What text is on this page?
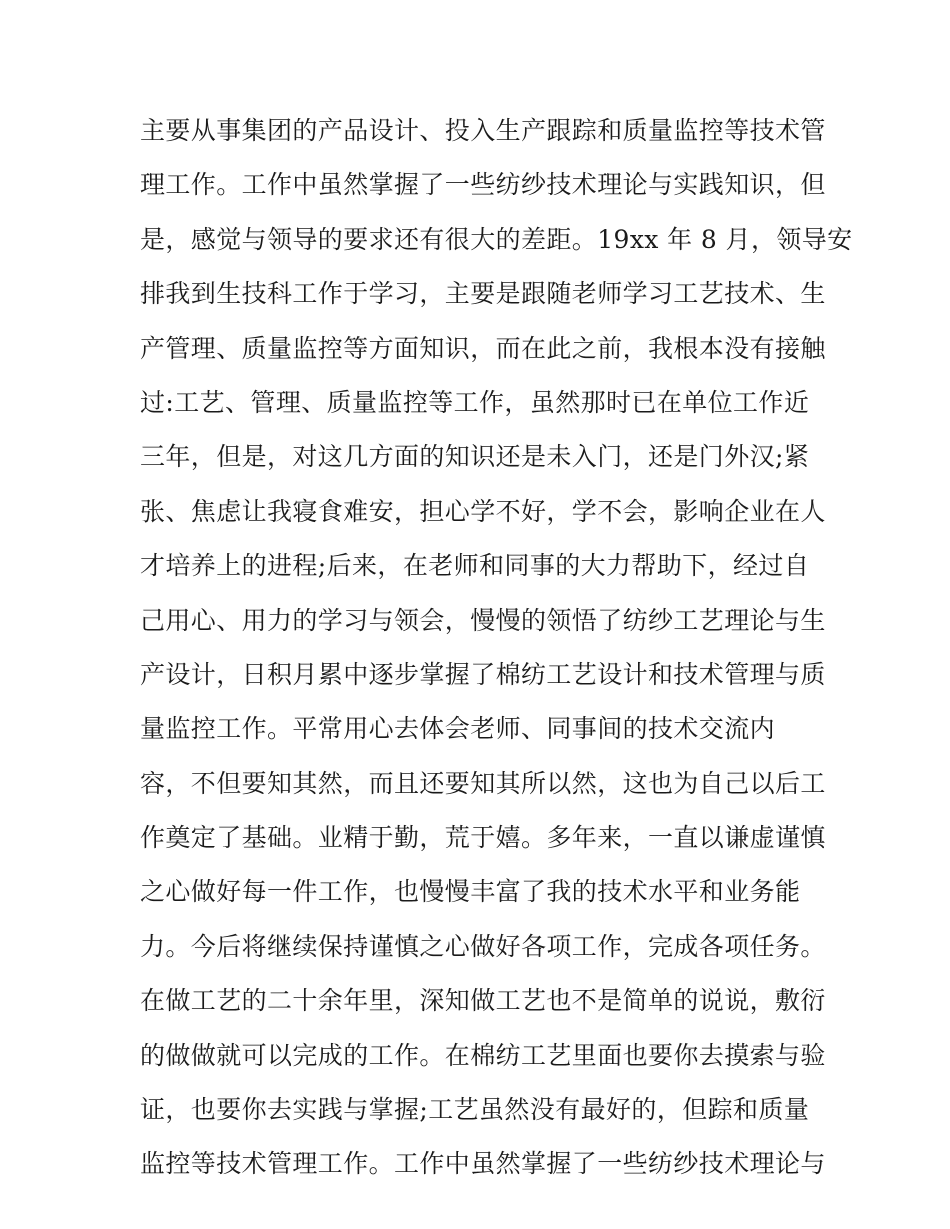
主要从事集团的产品设计、投入生产跟踪和质量监控等技术管
理工作。工作中虽然掌握了一些纺纱技术理论与实践知识，但
是，感觉与领导的要求还有很大的差距。19xx 年 8 月，领导安
排我到生技科工作于学习，主要是跟随老师学习工艺技术、生
产管理、质量监控等方面知识，而在此之前，我根本没有接触
过:工艺、管理、质量监控等工作，虽然那时已在单位工作近
三年，但是，对这几方面的知识还是未入门，还是门外汉;紧
张、焦虑让我寝食难安，担心学不好，学不会，影响企业在人
才培养上的进程;后来，在老师和同事的大力帮助下，经过自
己用心、用力的学习与领会，慢慢的领悟了纺纱工艺理论与生
产设计，日积月累中逐步掌握了棉纺工艺设计和技术管理与质
量监控工作。平常用心去体会老师、同事间的技术交流内
容，不但要知其然，而且还要知其所以然，这也为自己以后工
作奠定了基础。业精于勤，荒于嬉。多年来，一直以谦虚谨慎
之心做好每一件工作，也慢慢丰富了我的技术水平和业务能
力。今后将继续保持谨慎之心做好各项工作，完成各项任务。
在做工艺的二十余年里，深知做工艺也不是简单的说说，敷衍
的做做就可以完成的工作。在棉纺工艺里面也要你去摸索与验
证，也要你去实践与掌握;工艺虽然没有最好的，但踪和质量
监控等技术管理工作。工作中虽然掌握了一些纺纱技术理论与
